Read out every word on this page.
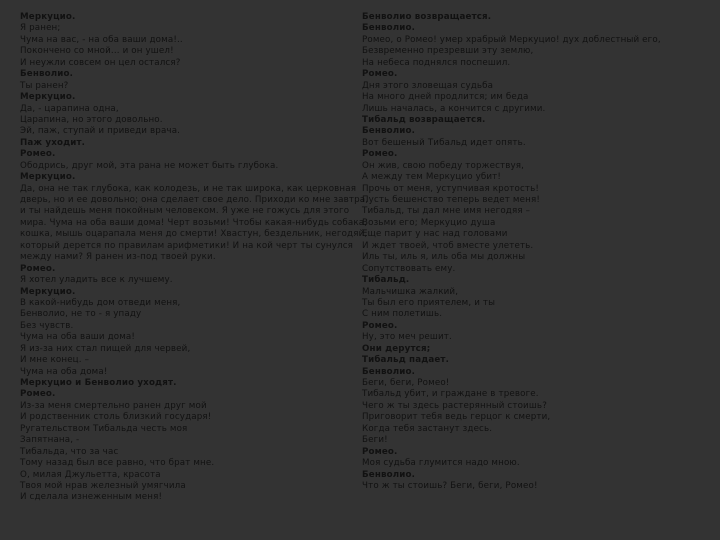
Меркуцио.
Я ранен;
Чума на вас, - на оба ваши дома!..
Покончено со мной... и он ушел!
И неужли совсем он цел остался?
Бенволио.
Ты ранен?
Меркуцио.
Да, - царапина одна,
Царапина, но этого довольно.
Эй, паж, ступай и приведи врача.
Паж уходит.
Ромео.
Ободрись, друг мой, эта рана не может быть глубока.
Меркуцио.
Да, она не так глубока, как колодезь, и не так широка, как церковная
дверь, но и ее довольно; она сделает свое дело. Приходи ко мне завтра,
и ты найдешь меня покойным человеком. Я уже не гожусь для этого
мира. Чума на оба ваши дома! Черт возьми! Чтобы какая-нибудь собака,
кошка, мышь оцарапала меня до смерти! Хвастун, бездельник, негодяй,
который дерется по правилам арифметики! И на кой черт ты сунулся
между нами? Я ранен из-под твоей руки.
Ромео.
Я хотел уладить все к лучшему.
Меркуцио.
В какой-нибудь дом отведи меня,
Бенволио, не то - я упаду
Без чувств.
Чума на оба ваши дома!
Я из-за них стал пищей для червей,
И мне конец. –
Чума на оба дома!
Меркуцио и Бенволио уходят.
Ромео.
Из-за меня смертельно ранен друг мой
И родственник столь близкий государя!
Ругательством Тибальда честь моя
Запятнана, -
Тибальда, что за час
Тому назад был все равно, что брат мне.
О, милая Джульетта, красота
Твоя мой нрав железный умягчила
И сделала изнеженным меня!
Бенволио возвращается.
Бенволио.
Ромео, о Ромео! умер храбрый Меркуцио! дух доблестный его,
Безвременно презревши эту землю,
На небеса поднялся поспешил.
Ромео.
Дня этого зловещая судьба
На много дней продлится; им беда
Лишь началась, а кончится с другими.
Тибальд возвращается.
Бенволио.
Вот бешеный Тибальд идет опять.
Ромео.
Он жив, свою победу торжествуя,
А между тем Меркуцио убит!
Прочь от меня, уступчивая кротость!
Пусть бешенство теперь ведет меня!
Тибальд, ты дал мне имя негодяя –
Возьми его; Меркуцио душа
Еще парит у нас над головами
И ждет твоей, чтоб вместе улететь.
Иль ты, иль я, иль оба мы должны
Сопутствовать ему.
Тибальд.
Мальчишка жалкий,
Ты был его приятелем, и ты
С ним полетишь.
Ромео.
Ну, это меч решит.
Они дерутся;
Тибальд падает.
Бенволио.
Беги, беги, Ромео!
Тибальд убит, и граждане в тревоге.
Чего ж ты здесь растерянный стоишь?
Приговорит тебя ведь герцог к смерти,
Когда тебя застанут здесь.
Беги!
Ромео.
Моя судьба глумится надо мною.
Бенволио.
Что ж ты стоишь? Беги, беги, Ромео!
